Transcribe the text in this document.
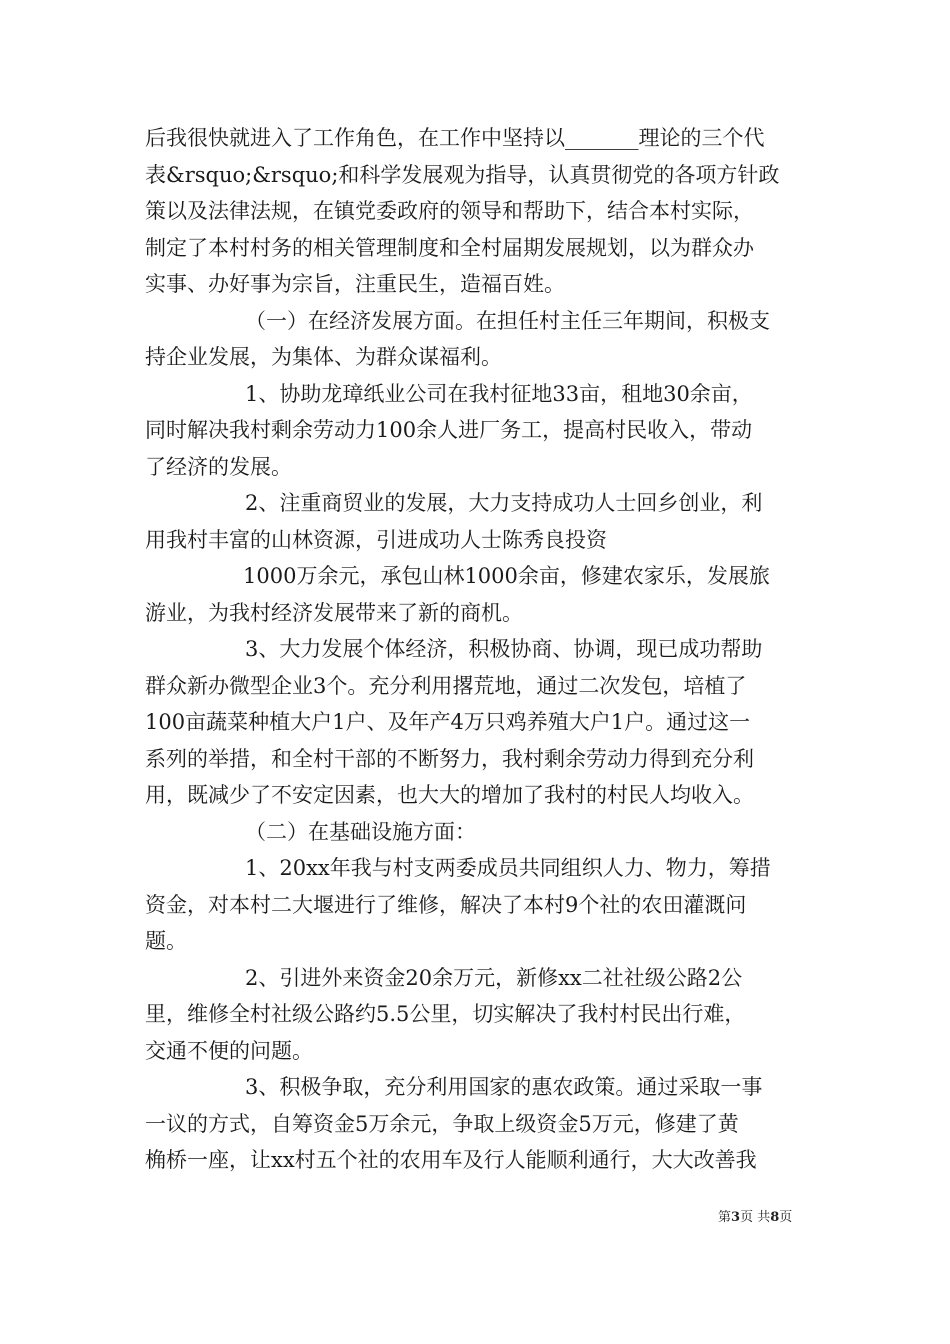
后我很快就进入了工作角色，在工作中坚持以_______理论的三个代
表&rsquo;&rsquo;和科学发展观为指导，认真贯彻党的各项方针政
策以及法律法规，在镇党委政府的领导和帮助下，结合本村实际，
制定了本村村务的相关管理制度和全村届期发展规划，以为群众办
实事、办好事为宗旨，注重民生，造福百姓。
（一）在经济发展方面。在担任村主任三年期间，积极支
持企业发展，为集体、为群众谋福利。
1、协助龙璋纸业公司在我村征地33亩，租地30余亩，
同时解决我村剩余劳动力100余人进厂务工，提高村民收入，带动
了经济的发展。
2、注重商贸业的发展，大力支持成功人士回乡创业，利
用我村丰富的山林资源，引进成功人士陈秀良投资
1000万余元，承包山林1000余亩，修建农家乐，发展旅
游业，为我村经济发展带来了新的商机。
3、大力发展个体经济，积极协商、协调，现已成功帮助
群众新办微型企业3个。充分利用撂荒地，通过二次发包，培植了
100亩蔬菜种植大户1户、及年产4万只鸡养殖大户1户。通过这一
系列的举措，和全村干部的不断努力，我村剩余劳动力得到充分利
用，既减少了不安定因素，也大大的增加了我村的村民人均收入。
（二）在基础设施方面：
1、20xx年我与村支两委成员共同组织人力、物力，筹措
资金，对本村二大堰进行了维修，解决了本村9个社的农田灌溉问
题。
2、引进外来资金20余万元，新修xx二社社级公路2公
里，维修全村社级公路约5.5公里，切实解决了我村村民出行难，
交通不便的问题。
3、积极争取，充分利用国家的惠农政策。通过采取一事
一议的方式，自筹资金5万余元，争取上级资金5万元，修建了黄
桷桥一座，让xx村五个社的农用车及行人能顺利通行，大大改善我
第3页 共8页
